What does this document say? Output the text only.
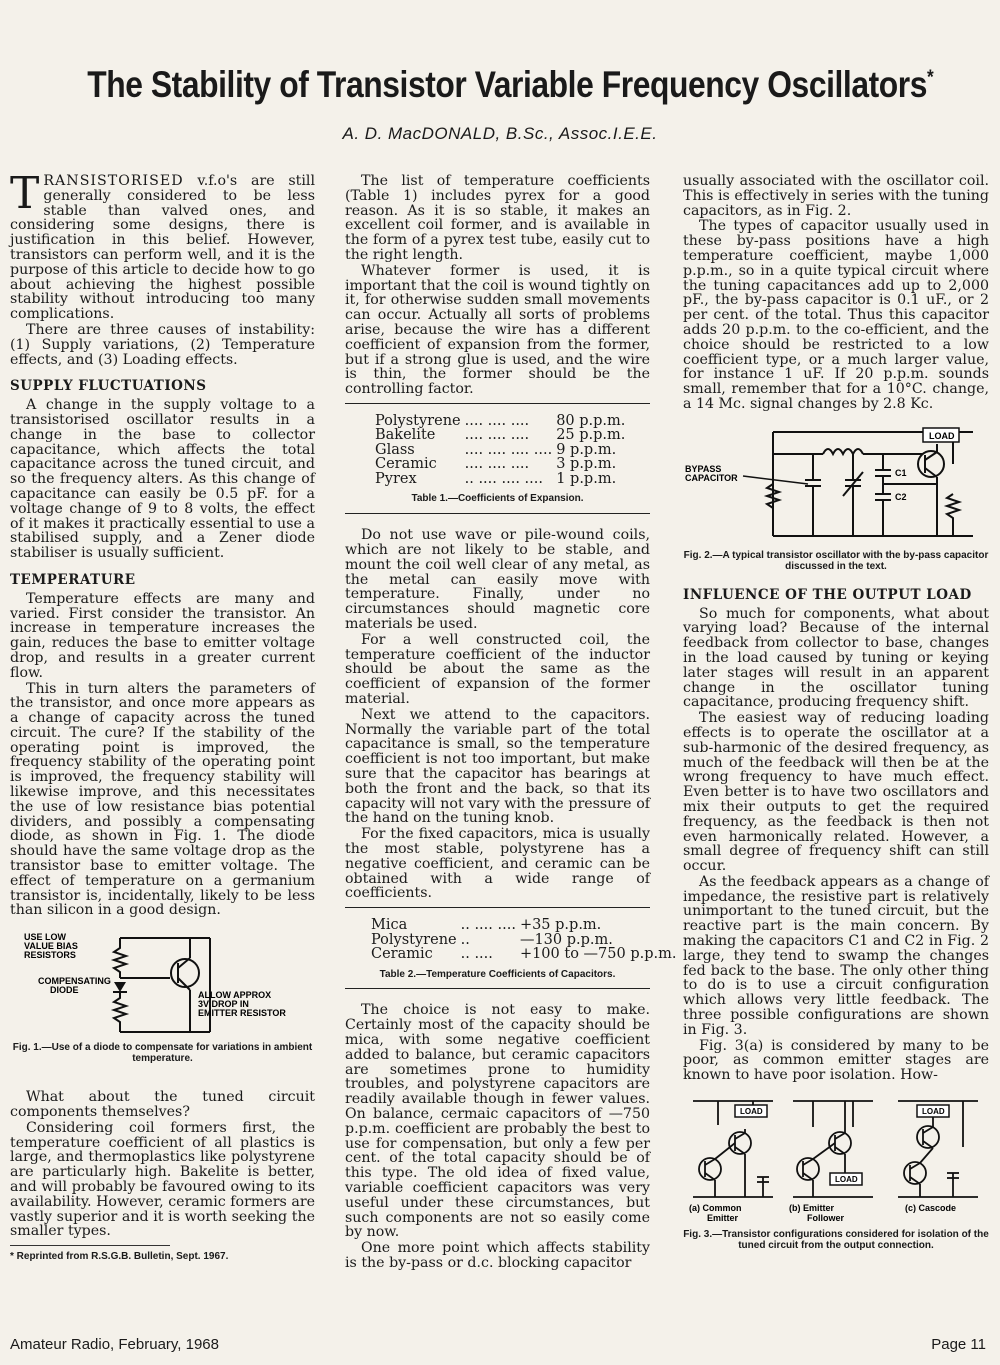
The Stability of Transistor Variable Frequency Oscillators*
A. D. MacDONALD, B.Sc., Assoc.I.E.E.

TRANSISTORISED v.f.o's are still generally considered to be less stable than valved ones, and considering some designs, there is justification in this belief. However, transistors can perform well, and it is the purpose of this article to decide how to go about achieving the highest possible stability without introducing too many complications.

There are three causes of instability: (1) Supply variations, (2) Temperature effects, and (3) Loading effects.

SUPPLY FLUCTUATIONS

A change in the supply voltage to a transistorised oscillator results in a change in the base to collector capacitance, which affects the total capacitance across the tuned circuit, and so the frequency alters. As this change of capacitance can easily be 0.5 pF. for a voltage change of 9 to 8 volts, the effect of it makes it practically essential to use a stabilised supply, and a Zener diode stabiliser is usually sufficient.

TEMPERATURE

Temperature effects are many and varied. First consider the transistor. An increase in temperature increases the gain, reduces the base to emitter voltage drop, and results in a greater current flow.

This in turn alters the parameters of the transistor, and once more appears as a change of capacity across the tuned circuit. The cure? If the stability of the operating point is improved, the frequency stability of the operating point is improved, the frequency stability will likewise improve, and this necessitates the use of low resistance bias potential dividers, and possibly a compensating diode, as shown in Fig. 1. The diode should have the same voltage drop as the transistor base to emitter voltage. The effect of temperature on a germanium transistor is, incidentally, likely to be less than silicon in a good design.

USE LOW
VALUE BIAS
RESISTORS
COMPENSATING
DIODE	ALLOW APPROX
3V DROP IN
EMITTER RESISTOR
Fig. 1.—Use of a diode to compensate for variations in ambient temperature.

What about the tuned circuit components themselves?

Considering coil formers first, the temperature coefficient of all plastics is large, and thermoplastics like polystyrene are particularly high. Bakelite is better, and will probably be favoured owing to its availability. However, ceramic formers are vastly superior and it is worth seeking the smaller types.

* Reprinted from R.S.G.B. Bulletin, Sept. 1967.

The list of temperature coefficients (Table 1) includes pyrex for a good reason. As it is so stable, it makes an excellent coil former, and is available in the form of a pyrex test tube, easily cut to the right length.

Whatever former is used, it is important that the coil is wound tightly on it, for otherwise sudden small movements can occur. Actually all sorts of problems arise, because the wire has a different coefficient of expansion from the former, but if a strong glue is used, and the wire is thin, the former should be the controlling factor.

Polystyrene	.... .... ....	80 p.p.m.
Bakelite	.... .... ....	25 p.p.m.
Glass	.... .... .... ....	9 p.p.m.
Ceramic	.... .... ....	3 p.p.m.
Pyrex	.. .... .... ....	1 p.p.m.
Table 1.—Coefficients of Expansion.

Do not use wave or pile-wound coils, which are not likely to be stable, and mount the coil well clear of any metal, as the metal can easily move with temperature. Finally, under no circumstances should magnetic core materials be used.

For a well constructed coil, the temperature coefficient of the inductor should be about the same as the coefficient of expansion of the former material.

Next we attend to the capacitors. Normally the variable part of the total capacitance is small, so the temperature coefficient is not too important, but make sure that the capacitor has bearings at both the front and the back, so that its capacity will not vary with the pressure of the hand on the tuning knob.

For the fixed capacitors, mica is usually the most stable, polystyrene has a negative coefficient, and ceramic can be obtained with a wide range of coefficients.

Mica	.. .... ....	+35 p.p.m.
Polystyrene	..	—130 p.p.m.
Ceramic	.. ....	+100 to —750 p.p.m.
Table 2.—Temperature Coefficients of Capacitors.

The choice is not easy to make. Certainly most of the capacity should be mica, with some negative coefficient added to balance, but ceramic capacitors are sometimes prone to humidity troubles, and polystyrene capacitors are readily available though in fewer values. On balance, cermaic capacitors of —750 p.p.m. coefficient are probably the best to use for compensation, but only a few per cent. of the total capacity should be of this type. The old idea of fixed value, variable coefficient capacitors was very useful under these circumstances, but such components are not so easily come by now.

One more point which affects stability is the by-pass or d.c. blocking capacitor

usually associated with the oscillator coil. This is effectively in series with the tuning capacitors, as in Fig. 2.

The types of capacitor usually used in these by-pass positions have a high temperature coefficient, maybe 1,000 p.p.m., so in a quite typical circuit where the tuning capacitances add up to 2,000 pF., the by-pass capacitor is 0.1 uF., or 2 per cent. of the total. Thus this capacitor adds 20 p.p.m. to the co-efficient, and the choice should be restricted to a low coefficient type, or a much larger value, for instance 1 uF. If 20 p.p.m. sounds small, remember that for a 10°C. change, a 14 Mc. signal changes by 2.8 Kc.

LOAD
BYPASS
CAPACITOR	C1
C2
Fig. 2.—A typical transistor oscillator with the by-pass capacitor discussed in the text.
INFLUENCE OF THE OUTPUT LOAD

So much for components, what about varying load? Because of the internal feedback from collector to base, changes in the load caused by tuning or keying later stages will result in an apparent change in the oscillator tuning capacitance, producing frequency shift.

The easiest way of reducing loading effects is to operate the oscillator at a sub-harmonic of the desired frequency, as much of the feedback will then be at the wrong frequency to have much effect. Even better is to have two oscillators and mix their outputs to get the required frequency, as the feedback is then not even harmonically related. However, a small degree of frequency shift can still occur.

As the feedback appears as a change of impedance, the resistive part is relatively unimportant to the tuned circuit, but the reactive part is the main concern. By making the capacitors C1 and C2 in Fig. 2 large, they tend to swamp the changes fed back to the base. The only other thing to do is to use a circuit configuration which allows very little feedback. The three possible configurations are shown in Fig. 3.

Fig. 3(a) is considered by many to be poor, as common emitter stages are known to have poor isolation. How-

LOAD
LOAD
LOAD
(a) Common
Emitter
(b) Emitter
Follower
(c) Cascode
Fig. 3.—Transistor configurations considered for isolation of the tuned circuit from the output connection.
Amateur Radio, February, 1968	Page 11
